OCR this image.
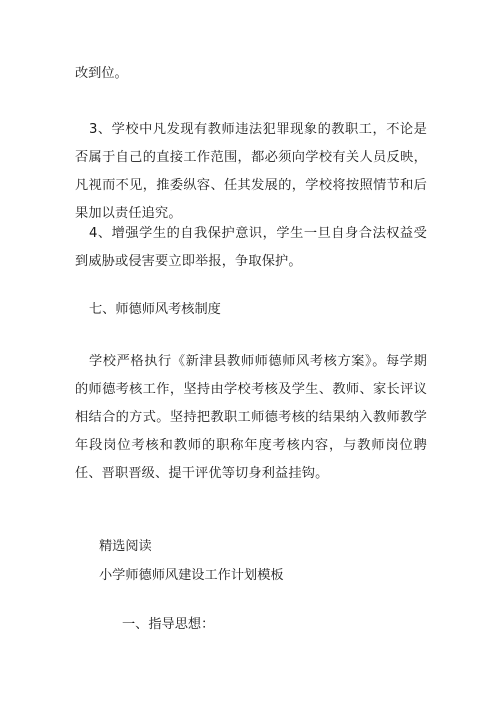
改到位。

3、学校中凡发现有教师违法犯罪现象的教职工，不论是否属于自己的直接工作范围，都必须向学校有关人员反映，凡视而不见，推委纵容、任其发展的，学校将按照情节和后果加以责任追究。

4、增强学生的自我保护意识，学生一旦自身合法权益受到威胁或侵害要立即举报，争取保护。

七、师德师风考核制度

学校严格执行《新津县教师师德师风考核方案》。每学期的师德考核工作，坚持由学校考核及学生、教师、家长评议相结合的方式。坚持把教职工师德考核的结果纳入教师教学年段岗位考核和教师的职称年度考核内容，与教师岗位聘任、晋职晋级、提干评优等切身利益挂钩。

精选阅读

小学师德师风建设工作计划模板

一、指导思想：
